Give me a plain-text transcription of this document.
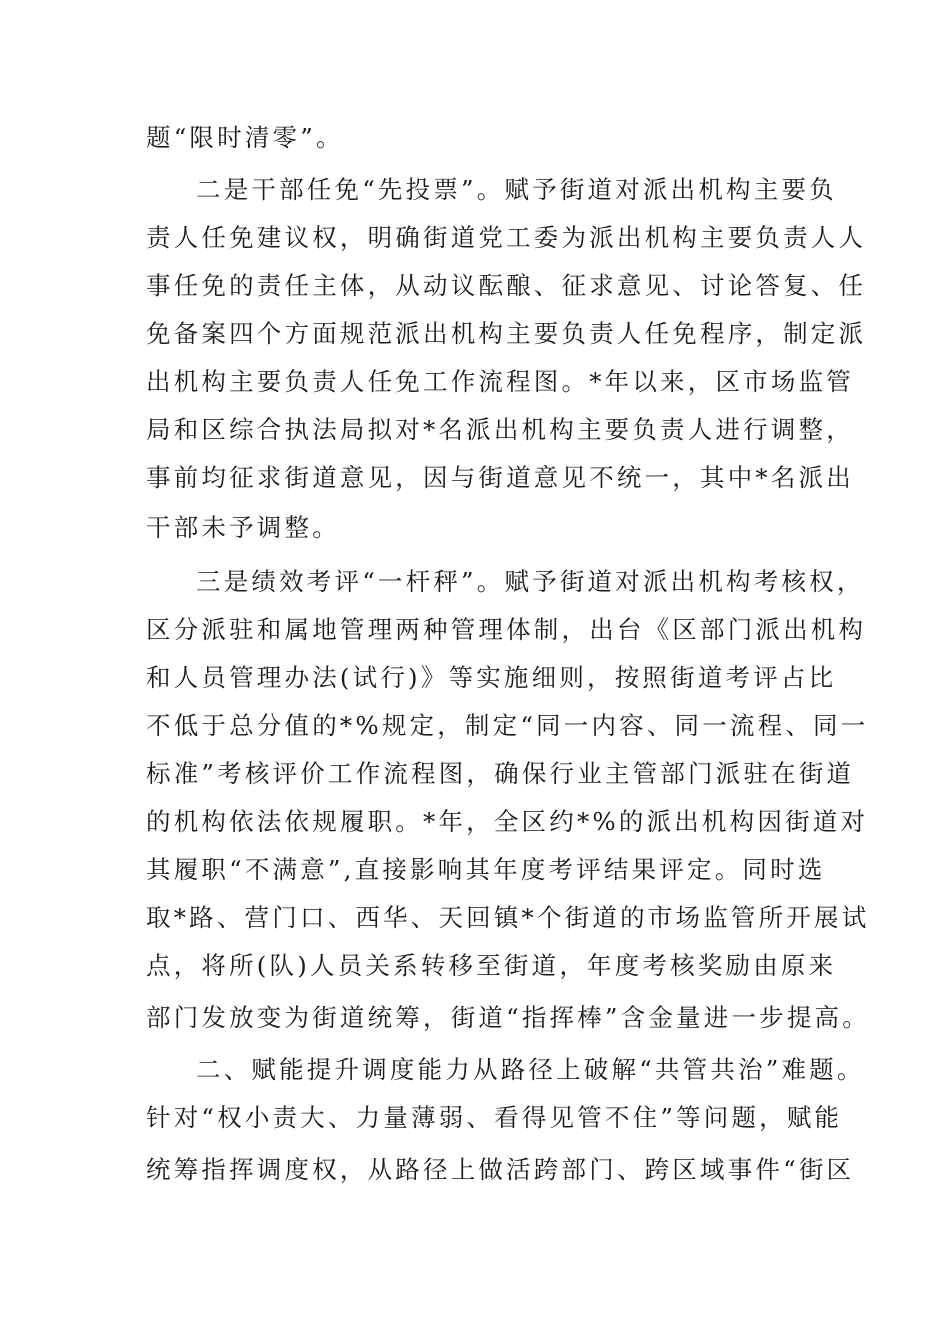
题“限时清零”。
二是干部任免“先投票”。赋予街道对派出机构主要负
责人任免建议权，明确街道党工委为派出机构主要负责人人
事任免的责任主体，从动议酝酿、征求意见、讨论答复、任
免备案四个方面规范派出机构主要负责人任免程序，制定派
出机构主要负责人任免工作流程图。*年以来，区市场监管
局和区综合执法局拟对*名派出机构主要负责人进行调整，
事前均征求街道意见，因与街道意见不统一，其中*名派出
干部未予调整。
三是绩效考评“一杆秤”。赋予街道对派出机构考核权，
区分派驻和属地管理两种管理体制，出台《区部门派出机构
和人员管理办法(试行)》等实施细则，按照街道考评占比
不低于总分值的*%规定，制定“同一内容、同一流程、同一
标准”考核评价工作流程图，确保行业主管部门派驻在街道
的机构依法依规履职。*年，全区约*%的派出机构因街道对
其履职“不满意”,直接影响其年度考评结果评定。同时选
取*路、营门口、西华、天回镇*个街道的市场监管所开展试
点，将所(队)人员关系转移至街道，年度考核奖励由原来
部门发放变为街道统筹，街道“指挥棒”含金量进一步提高。
二、赋能提升调度能力从路径上破解“共管共治”难题。
针对“权小责大、力量薄弱、看得见管不住”等问题，赋能
统筹指挥调度权，从路径上做活跨部门、跨区域事件“街区
